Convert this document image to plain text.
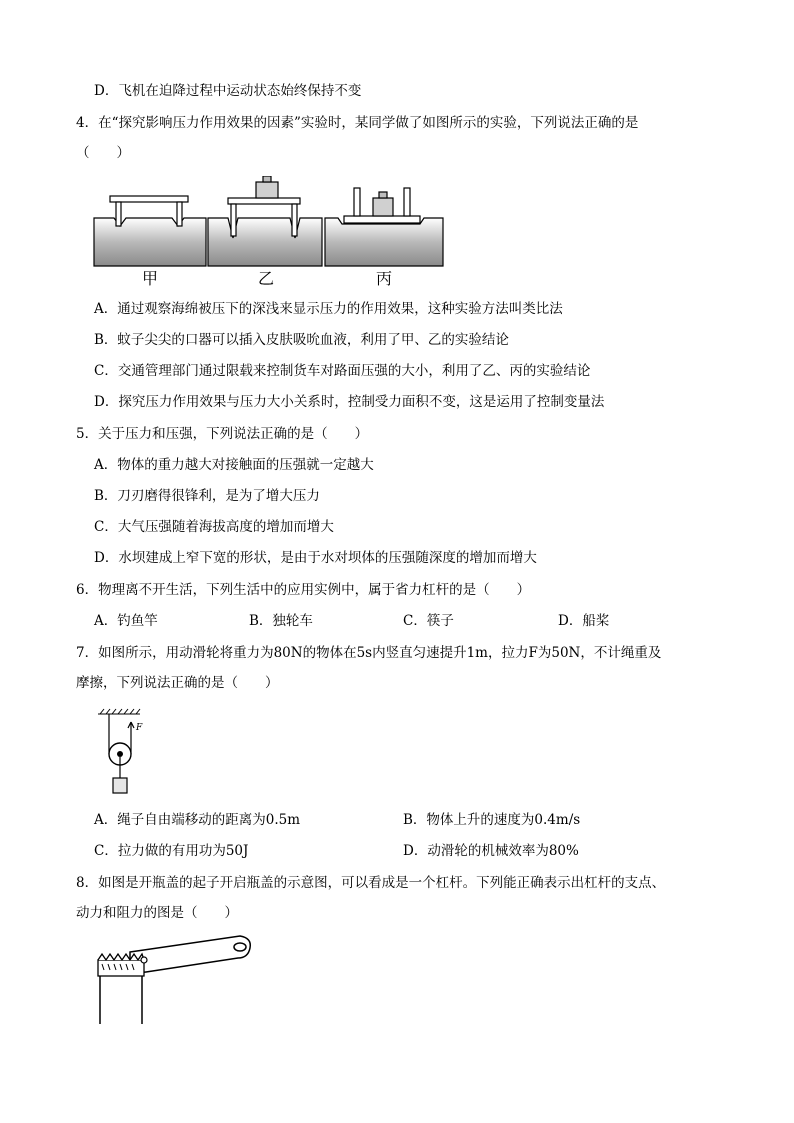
D．飞机在迫降过程中运动状态始终保持不变
4．在“探究影响压力作用效果的因素”实验时，某同学做了如图所示的实验，下列说法正确的是
（　　）
甲	乙	丙
A．通过观察海绵被压下的深浅来显示压力的作用效果，这种实验方法叫类比法
B．蚊子尖尖的口器可以插入皮肤吸吮血液，利用了甲、乙的实验结论
C．交通管理部门通过限载来控制货车对路面压强的大小，利用了乙、丙的实验结论
D．探究压力作用效果与压力大小关系时，控制受力面积不变，这是运用了控制变量法
5．关于压力和压强，下列说法正确的是（　　）
A．物体的重力越大对接触面的压强就一定越大
B．刀刃磨得很锋利，是为了增大压力
C．大气压强随着海拔高度的增加而增大
D．水坝建成上窄下宽的形状，是由于水对坝体的压强随深度的增加而增大
6．物理离不开生活，下列生活中的应用实例中，属于省力杠杆的是（　　）
A．钓鱼竿	B．独轮车	C．筷子	D．船桨
7．如图所示，用动滑轮将重力为80N的物体在5s内竖直匀速提升1m，拉力F为50N，不计绳重及
摩擦，下列说法正确的是（　　）
F
A．绳子自由端移动的距离为0.5m	B．物体上升的速度为0.4m/s
C．拉力做的有用功为50J	D．动滑轮的机械效率为80%
8．如图是开瓶盖的起子开启瓶盖的示意图，可以看成是一个杠杆。下列能正确表示出杠杆的支点、
动力和阻力的图是（　　）
